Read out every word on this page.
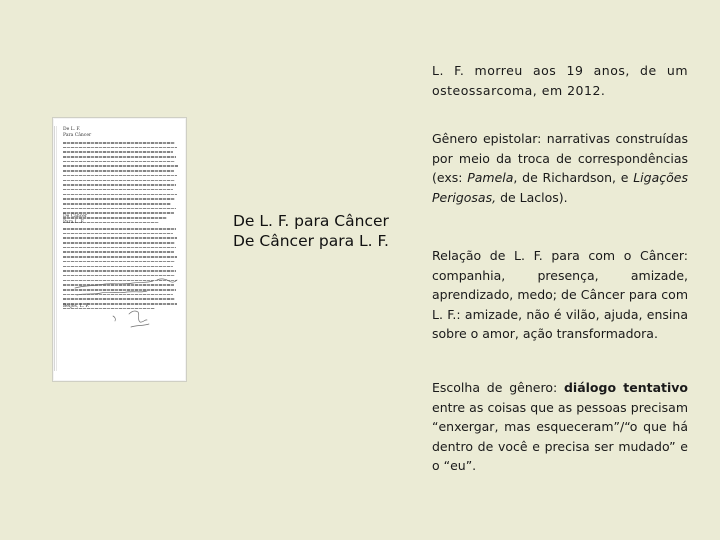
De L. F.
Para Câncer
De Câncer
Para L. F.
Beijos, L. F.
De L. F. para Câncer
De Câncer para L. F.
L. F. morreu aos 19 anos, de um osteossarcoma, em 2012.
Gênero epistolar: narrativas construídas por meio da troca de correspondências (exs: Pamela, de Richardson, e Ligações Perigosas, de Laclos).
Relação de L. F. para com o Câncer: companhia, presença, amizade, aprendizado, medo; de Câncer para com L. F.: amizade, não é vilão, ajuda, ensina sobre o amor, ação transformadora.
Escolha de gênero: diálogo tentativo entre as coisas que as pessoas precisam “enxergar, mas esqueceram”/“o que há dentro de você e precisa ser mudado” e o “eu”.
